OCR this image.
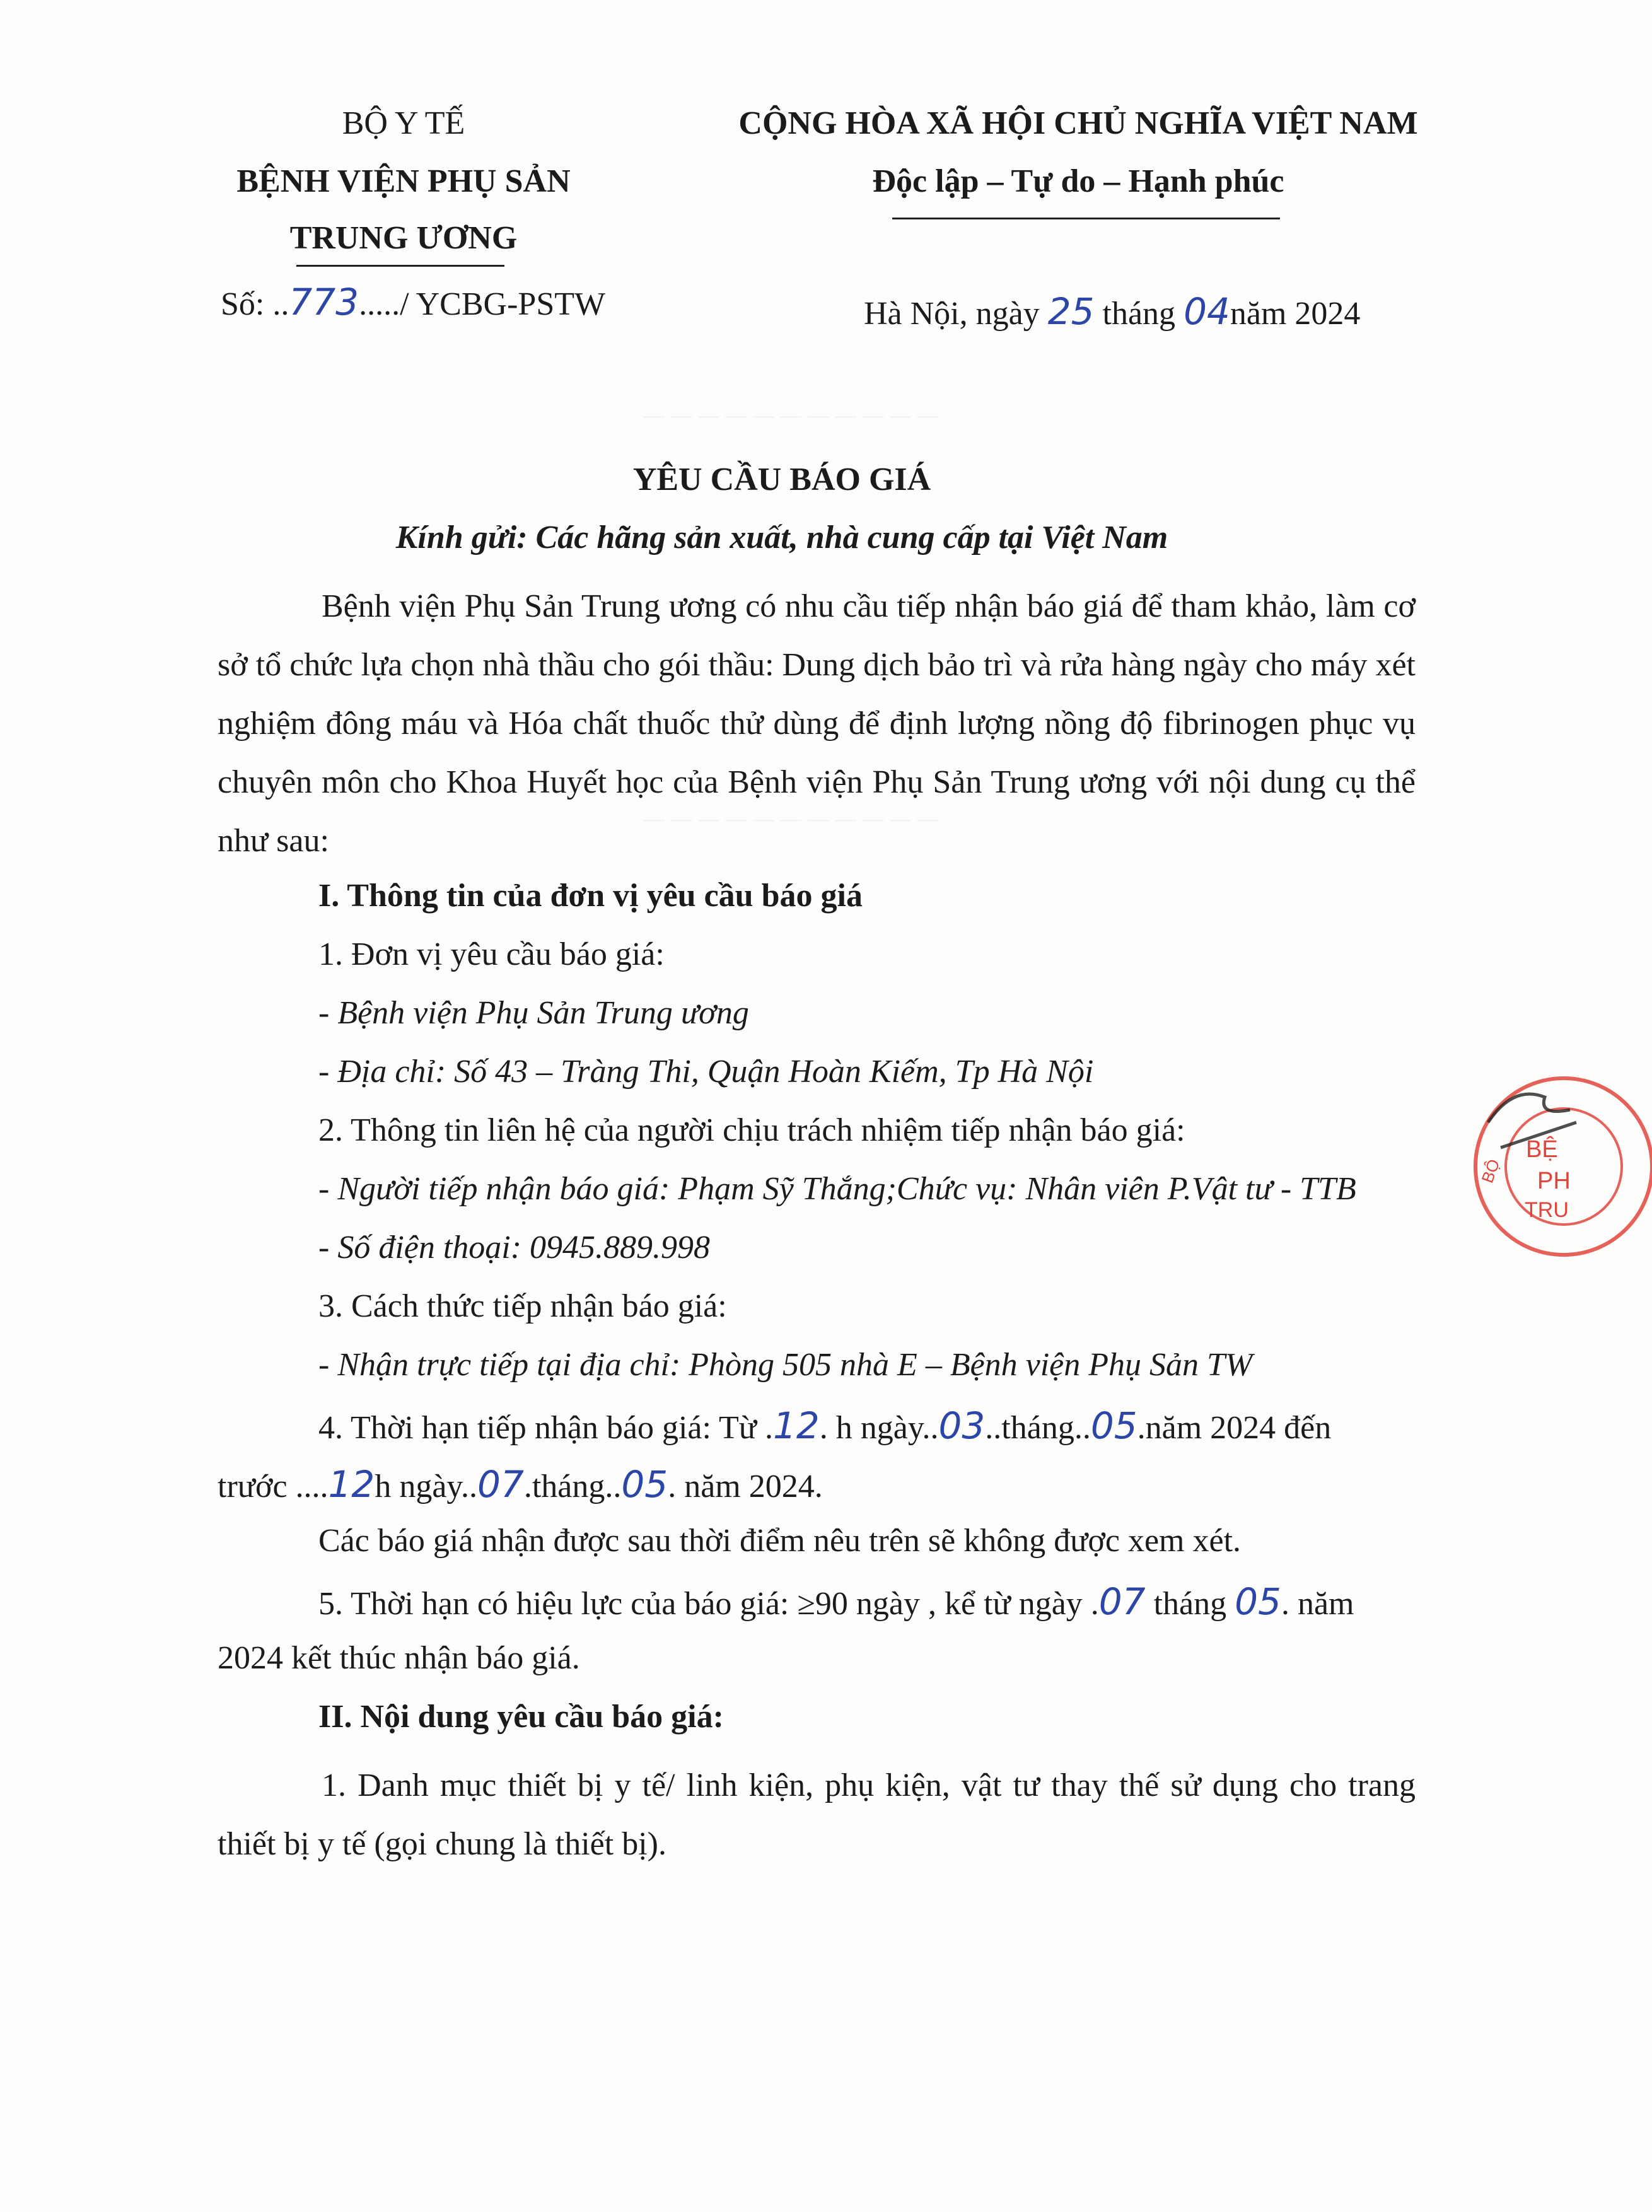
— — — — — — — — — — —
— — — — — — — — — — —
BỘ Y TẾ
BỆNH VIỆN PHỤ SẢN
TRUNG ƯƠNG
Số: ..773...../ YCBG-PSTW
CỘNG HÒA XÃ HỘI CHỦ NGHĨA VIỆT NAM
Độc lập – Tự do – Hạnh phúc
Hà Nội, ngày 25 tháng 04năm 2024
YÊU CẦU BÁO GIÁ
Kính gửi: Các hãng sản xuất, nhà cung cấp tại Việt Nam
Bệnh viện Phụ Sản Trung ương có nhu cầu tiếp nhận báo giá để tham khảo, làm cơ sở tổ chức lựa chọn nhà thầu cho gói thầu: Dung dịch bảo trì và rửa hàng ngày cho máy xét nghiệm đông máu và Hóa chất thuốc thử dùng để định lượng nồng độ fibrinogen phục vụ chuyên môn cho Khoa Huyết học của Bệnh viện Phụ Sản Trung ương với nội dung cụ thể như sau:
I. Thông tin của đơn vị yêu cầu báo giá
1. Đơn vị yêu cầu báo giá:
- Bệnh viện Phụ Sản Trung ương
- Địa chỉ: Số 43 – Tràng Thi, Quận Hoàn Kiếm, Tp Hà Nội
2. Thông tin liên hệ của người chịu trách nhiệm tiếp nhận báo giá:
- Người tiếp nhận báo giá: Phạm Sỹ Thắng;Chức vụ: Nhân viên P.Vật tư - TTB
- Số điện thoại: 0945.889.998
3. Cách thức tiếp nhận báo giá:
- Nhận trực tiếp tại địa chỉ: Phòng 505 nhà E – Bệnh viện Phụ Sản TW
4. Thời hạn tiếp nhận báo giá: Từ .12. h ngày..03..tháng..05.năm 2024 đến
trước ....12h ngày..07.tháng..05. năm 2024.
Các báo giá nhận được sau thời điểm nêu trên sẽ không được xem xét.
5. Thời hạn có hiệu lực của báo giá: ≥90 ngày , kể từ ngày .07 tháng 05. năm
2024 kết thúc nhận báo giá.
II. Nội dung yêu cầu báo giá:
1. Danh mục thiết bị y tế/ linh kiện, phụ kiện, vật tư thay thế sử dụng cho trang thiết bị y tế (gọi chung là thiết bị).
BỆ
PH
TRU
BỘ
